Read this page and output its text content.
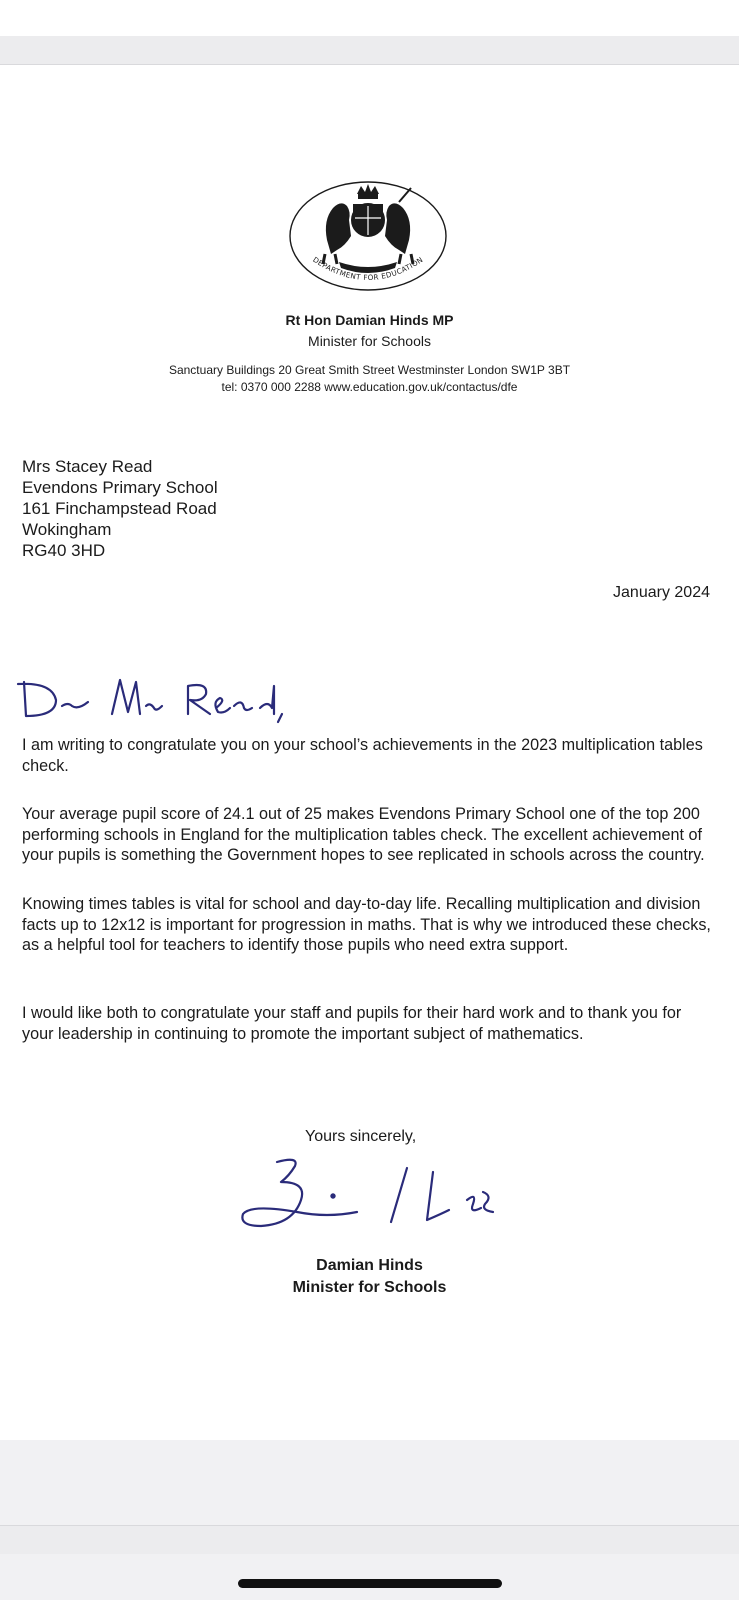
DEPARTMENT FOR EDUCATION
Rt Hon Damian Hinds MP
Minister for Schools
Sanctuary Buildings 20 Great Smith Street Westminster London SW1P 3BT
tel: 0370 000 2288 www.education.gov.uk/contactus/dfe
Mrs Stacey Read
Evendons Primary School
161 Finchampstead Road
Wokingham
RG40 3HD
January 2024
I am writing to congratulate you on your school’s achievements in the 2023 multiplication tables check.
Your average pupil score of 24.1 out of 25 makes Evendons Primary School one of the top 200 performing schools in England for the multiplication tables check. The excellent achievement of your pupils is something the Government hopes to see replicated in schools across the country.
Knowing times tables is vital for school and day-to-day life. Recalling multiplication and division facts up to 12x12 is important for progression in maths. That is why we introduced these checks, as a helpful tool for teachers to identify those pupils who need extra support.
I would like both to congratulate your staff and pupils for their hard work and to thank you for your leadership in continuing to promote the important subject of mathematics.
Yours sincerely,
Damian Hinds
Minister for Schools
